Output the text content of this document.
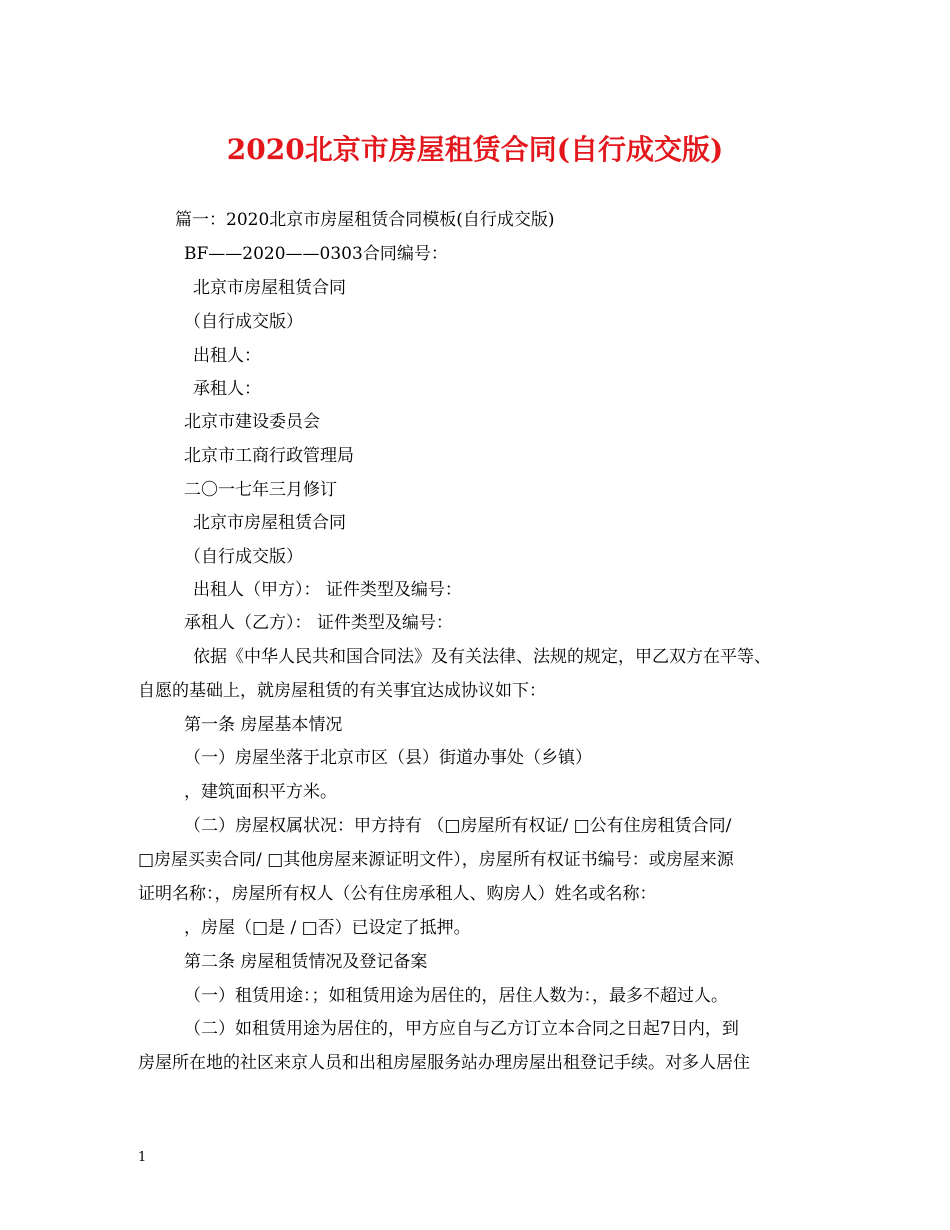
2020北京市房屋租赁合同(自行成交版)
篇一：2020北京市房屋租赁合同模板(自行成交版)
BF——2020——0303合同编号：
北京市房屋租赁合同
（自行成交版）
出租人：
承租人：
北京市建设委员会
北京市工商行政管理局
二〇一七年三月修订
北京市房屋租赁合同
（自行成交版）
出租人（甲方）： 证件类型及编号：
承租人（乙方）： 证件类型及编号：
依据《中华人民共和国合同法》及有关法律、法规的规定，甲乙双方在平等、
自愿的基础上，就房屋租赁的有关事宜达成协议如下：
第一条 房屋基本情况
（一）房屋坐落于北京市区（县）街道办事处（乡镇）
，建筑面积平方米。
（二）房屋权属状况：甲方持有 （□房屋所有权证/ □公有住房租赁合同/
□房屋买卖合同/ □其他房屋来源证明文件），房屋所有权证书编号：或房屋来源
证明名称：，房屋所有权人（公有住房承租人、购房人）姓名或名称：
，房屋（□是 / □否）已设定了抵押。
第二条 房屋租赁情况及登记备案
（一）租赁用途：；如租赁用途为居住的，居住人数为：，最多不超过人。
（二）如租赁用途为居住的，甲方应自与乙方订立本合同之日起7日内，到
房屋所在地的社区来京人员和出租房屋服务站办理房屋出租登记手续。对多人居住
1
